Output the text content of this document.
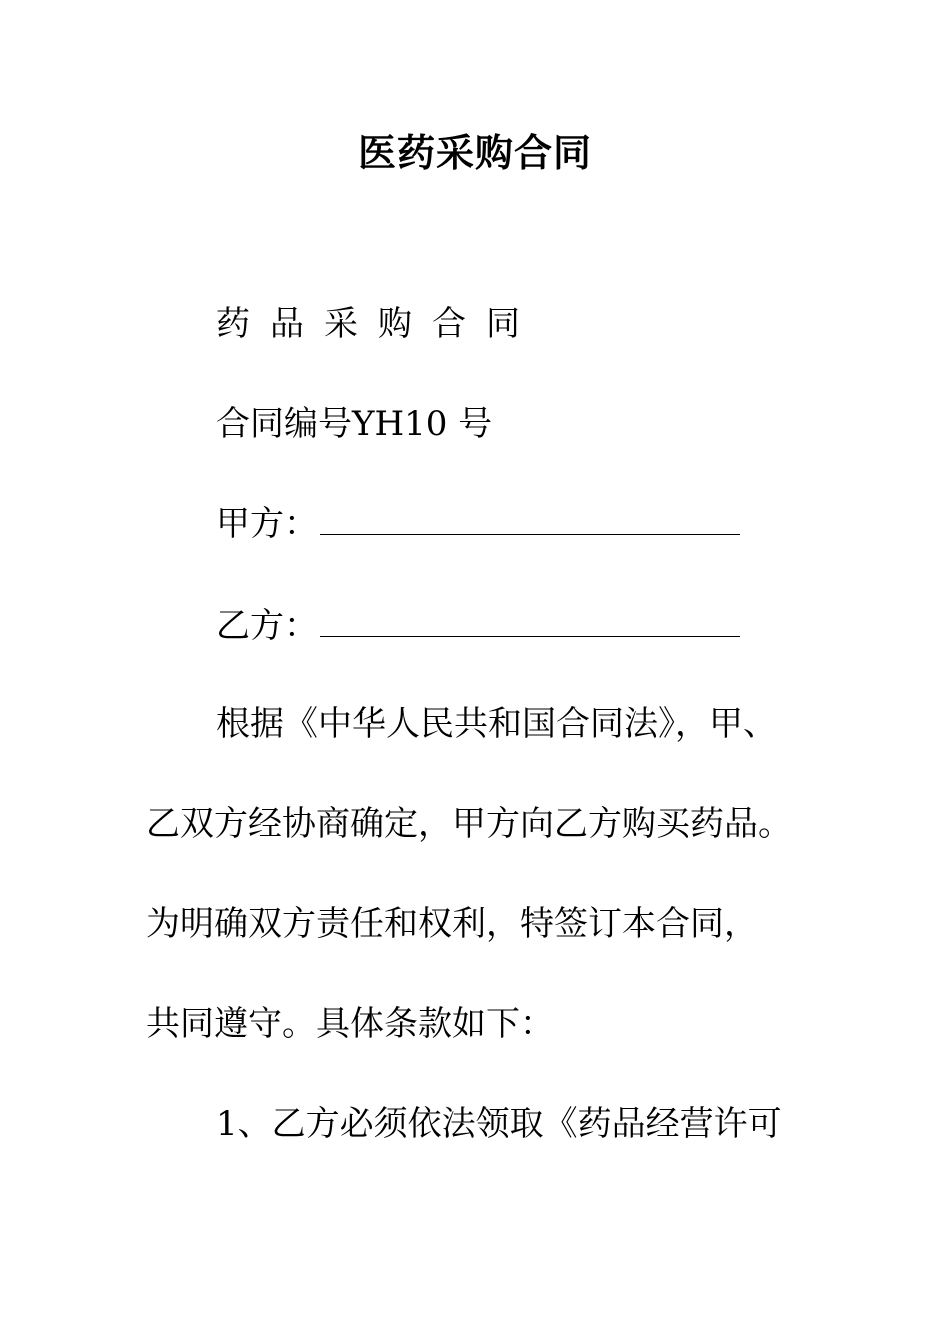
医药采购合同
药品采购合同
合同编号YH10 号
甲方：
乙方：
根据《中华人民共和国合同法》，甲、
乙双方经协商确定，甲方向乙方购买药品。
为明确双方责任和权利，特签订本合同，
共同遵守。具体条款如下：
1、乙方必须依法领取《药品经营许可
